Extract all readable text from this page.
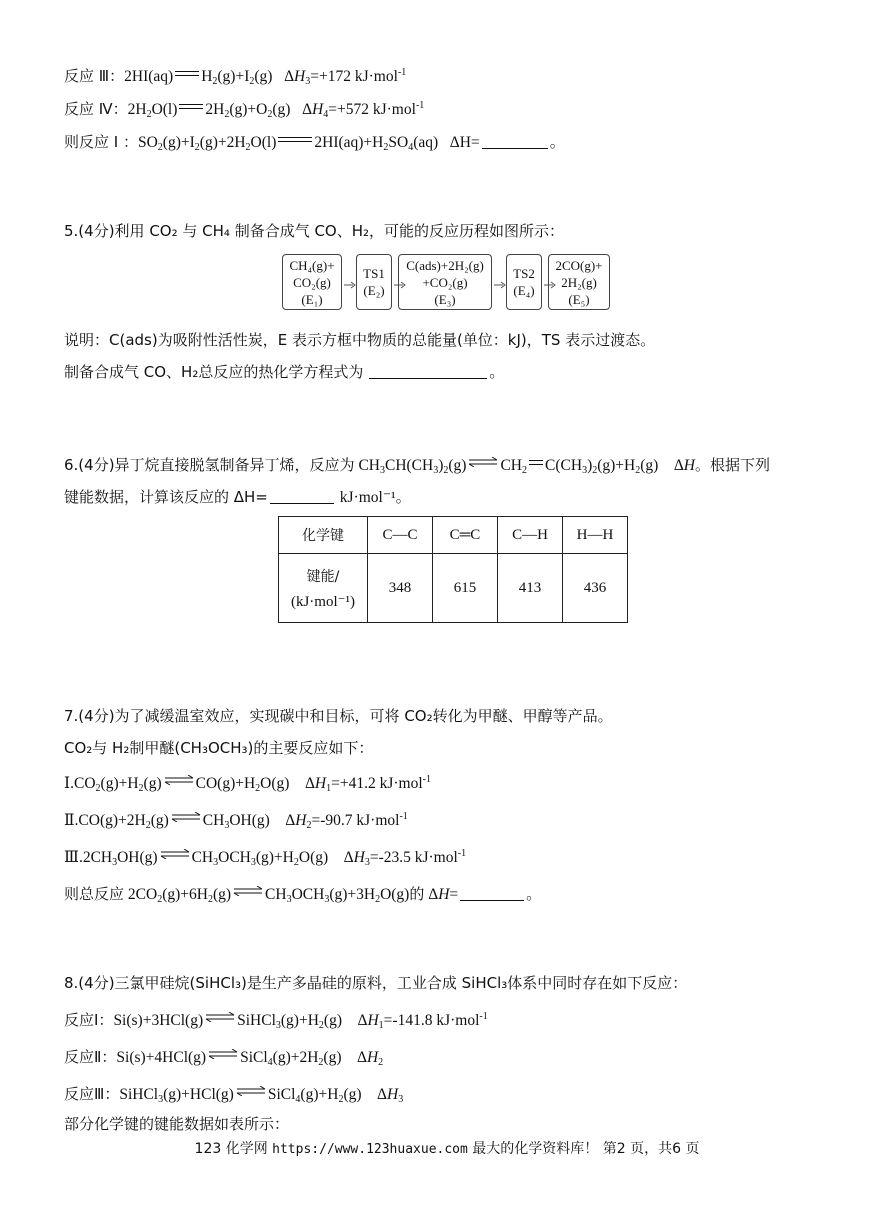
反应 Ⅲ：2HI(aq) $H_2(g)+I_2(g)$   $\Delta H_3=+172$ kJ·mol$^{-1}$
反应 Ⅳ：$2H_2O(l)$ $2H_2(g)+O_2(g)$   $\Delta H_4=+572$ kJ·mol$^{-1}$
则反应 Ⅰ ：$SO_2(g)+I_2(g)+2H_2O(l)$ $2HI(aq)+H_2SO_4(aq)$   ΔH=	。
5.(4分)利用 CO₂ 与 CH₄ 制备合成气 CO、H₂，可能的反应历程如图所示：
CH₄(g)+
CO₂(g)
(E₁)
TS1
(E₂)
C(ads)+2H₂(g)
+CO₂(g)
(E₃)
TS2
(E₄)
2CO(g)+
2H₂(g)
(E₅)
说明：C(ads)为吸附性活性炭，E 表示方框中物质的总能量(单位：kJ)，TS 表示过渡态。
制备合成气 CO、H₂总反应的热化学方程式为	。
6.(4分)异丁烷直接脱氢制备异丁烯，反应为 $CH_3CH(CH_3)_2(g)$ $CH_2$ $C(CH_3)_2(g)+H_2(g)$    ΔH。根据下列
键能数据，计算该反应的 ΔH=	kJ·mol⁻¹。
化学键	C—C	C═C	C—H	H—H

键能/
(kJ·mol⁻¹)	348	615	413	436
7.(4分)为了减缓温室效应，实现碳中和目标，可将 CO₂转化为甲醚、甲醇等产品。
CO₂与 H₂制甲醚(CH₃OCH₃)的主要反应如下：
$Ⅰ.CO_2(g)+H_2(g)$ $CO(g)+H_2O(g)$    $\Delta H_1=+41.2$ kJ·mol$^{-1}$
$Ⅱ.CO(g)+2H_2(g)$ $CH_3OH(g)$    $\Delta H_2=-90.7$ kJ·mol$^{-1}$
$Ⅲ.2CH_3OH(g)$ $CH_3OCH_3(g)+H_2O(g)$    $\Delta H_3=-23.5$ kJ·mol$^{-1}$
则总反应 $2CO_2(g)+6H_2(g)$ $CH_3OCH_3(g)+3H_2O(g)$的 ΔH=	。
8.(4分)三氯甲硅烷(SiHCl₃)是生产多晶硅的原料，工业合成 SiHCl₃体系中同时存在如下反应：
反应Ⅰ：Si(s)+3HCl(g) $SiHCl_3(g)+H_2(g)$    $\Delta H_1=-141.8$ kJ·mol$^{-1}$
反应Ⅱ：Si(s)+4HCl(g) $SiCl_4(g)+2H_2(g)$    $\Delta H_2$
反应Ⅲ：SiHCl$_3$(g)+HCl(g) $SiCl_4(g)+H_2(g)$    $\Delta H_3$
部分化学键的键能数据如表所示：
123 化学网 https://www.123huaxue.com 最大的化学资料库！ 第2 页，共6 页
